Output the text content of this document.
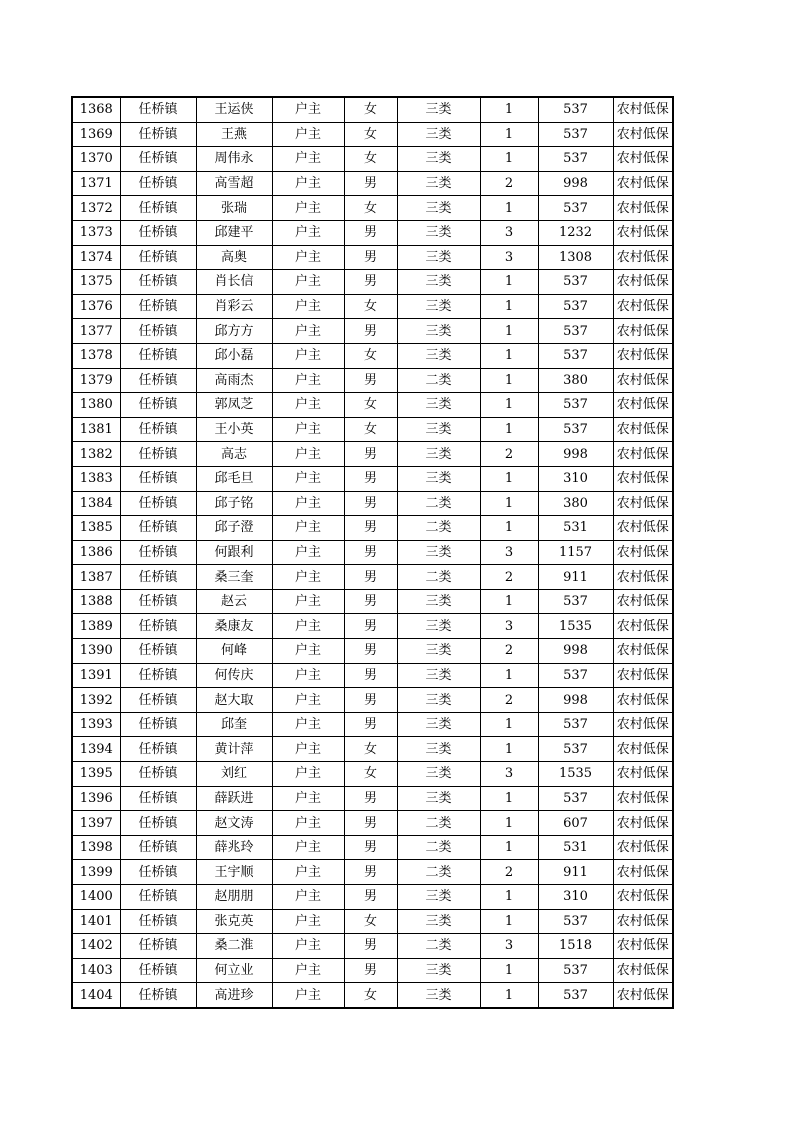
1368	任桥镇	王运侠	户主	女	三类	1	537	农村低保
1369	任桥镇	王燕	户主	女	三类	1	537	农村低保
1370	任桥镇	周伟永	户主	女	三类	1	537	农村低保
1371	任桥镇	高雪超	户主	男	三类	2	998	农村低保
1372	任桥镇	张瑞	户主	女	三类	1	537	农村低保
1373	任桥镇	邱建平	户主	男	三类	3	1232	农村低保
1374	任桥镇	高奥	户主	男	三类	3	1308	农村低保
1375	任桥镇	肖长信	户主	男	三类	1	537	农村低保
1376	任桥镇	肖彩云	户主	女	三类	1	537	农村低保
1377	任桥镇	邱方方	户主	男	三类	1	537	农村低保
1378	任桥镇	邱小磊	户主	女	三类	1	537	农村低保
1379	任桥镇	高雨杰	户主	男	二类	1	380	农村低保
1380	任桥镇	郭凤芝	户主	女	三类	1	537	农村低保
1381	任桥镇	王小英	户主	女	三类	1	537	农村低保
1382	任桥镇	高志	户主	男	三类	2	998	农村低保
1383	任桥镇	邱毛旦	户主	男	三类	1	310	农村低保
1384	任桥镇	邱子铭	户主	男	二类	1	380	农村低保
1385	任桥镇	邱子澄	户主	男	二类	1	531	农村低保
1386	任桥镇	何跟利	户主	男	三类	3	1157	农村低保
1387	任桥镇	桑三奎	户主	男	二类	2	911	农村低保
1388	任桥镇	赵云	户主	男	三类	1	537	农村低保
1389	任桥镇	桑康友	户主	男	三类	3	1535	农村低保
1390	任桥镇	何峰	户主	男	三类	2	998	农村低保
1391	任桥镇	何传庆	户主	男	三类	1	537	农村低保
1392	任桥镇	赵大取	户主	男	三类	2	998	农村低保
1393	任桥镇	邱奎	户主	男	三类	1	537	农村低保
1394	任桥镇	黄计萍	户主	女	三类	1	537	农村低保
1395	任桥镇	刘红	户主	女	三类	3	1535	农村低保
1396	任桥镇	薛跃进	户主	男	三类	1	537	农村低保
1397	任桥镇	赵文涛	户主	男	二类	1	607	农村低保
1398	任桥镇	薛兆玲	户主	男	二类	1	531	农村低保
1399	任桥镇	王宇顺	户主	男	二类	2	911	农村低保
1400	任桥镇	赵朋朋	户主	男	三类	1	310	农村低保
1401	任桥镇	张克英	户主	女	三类	1	537	农村低保
1402	任桥镇	桑二淮	户主	男	二类	3	1518	农村低保
1403	任桥镇	何立业	户主	男	三类	1	537	农村低保
1404	任桥镇	高进珍	户主	女	三类	1	537	农村低保
